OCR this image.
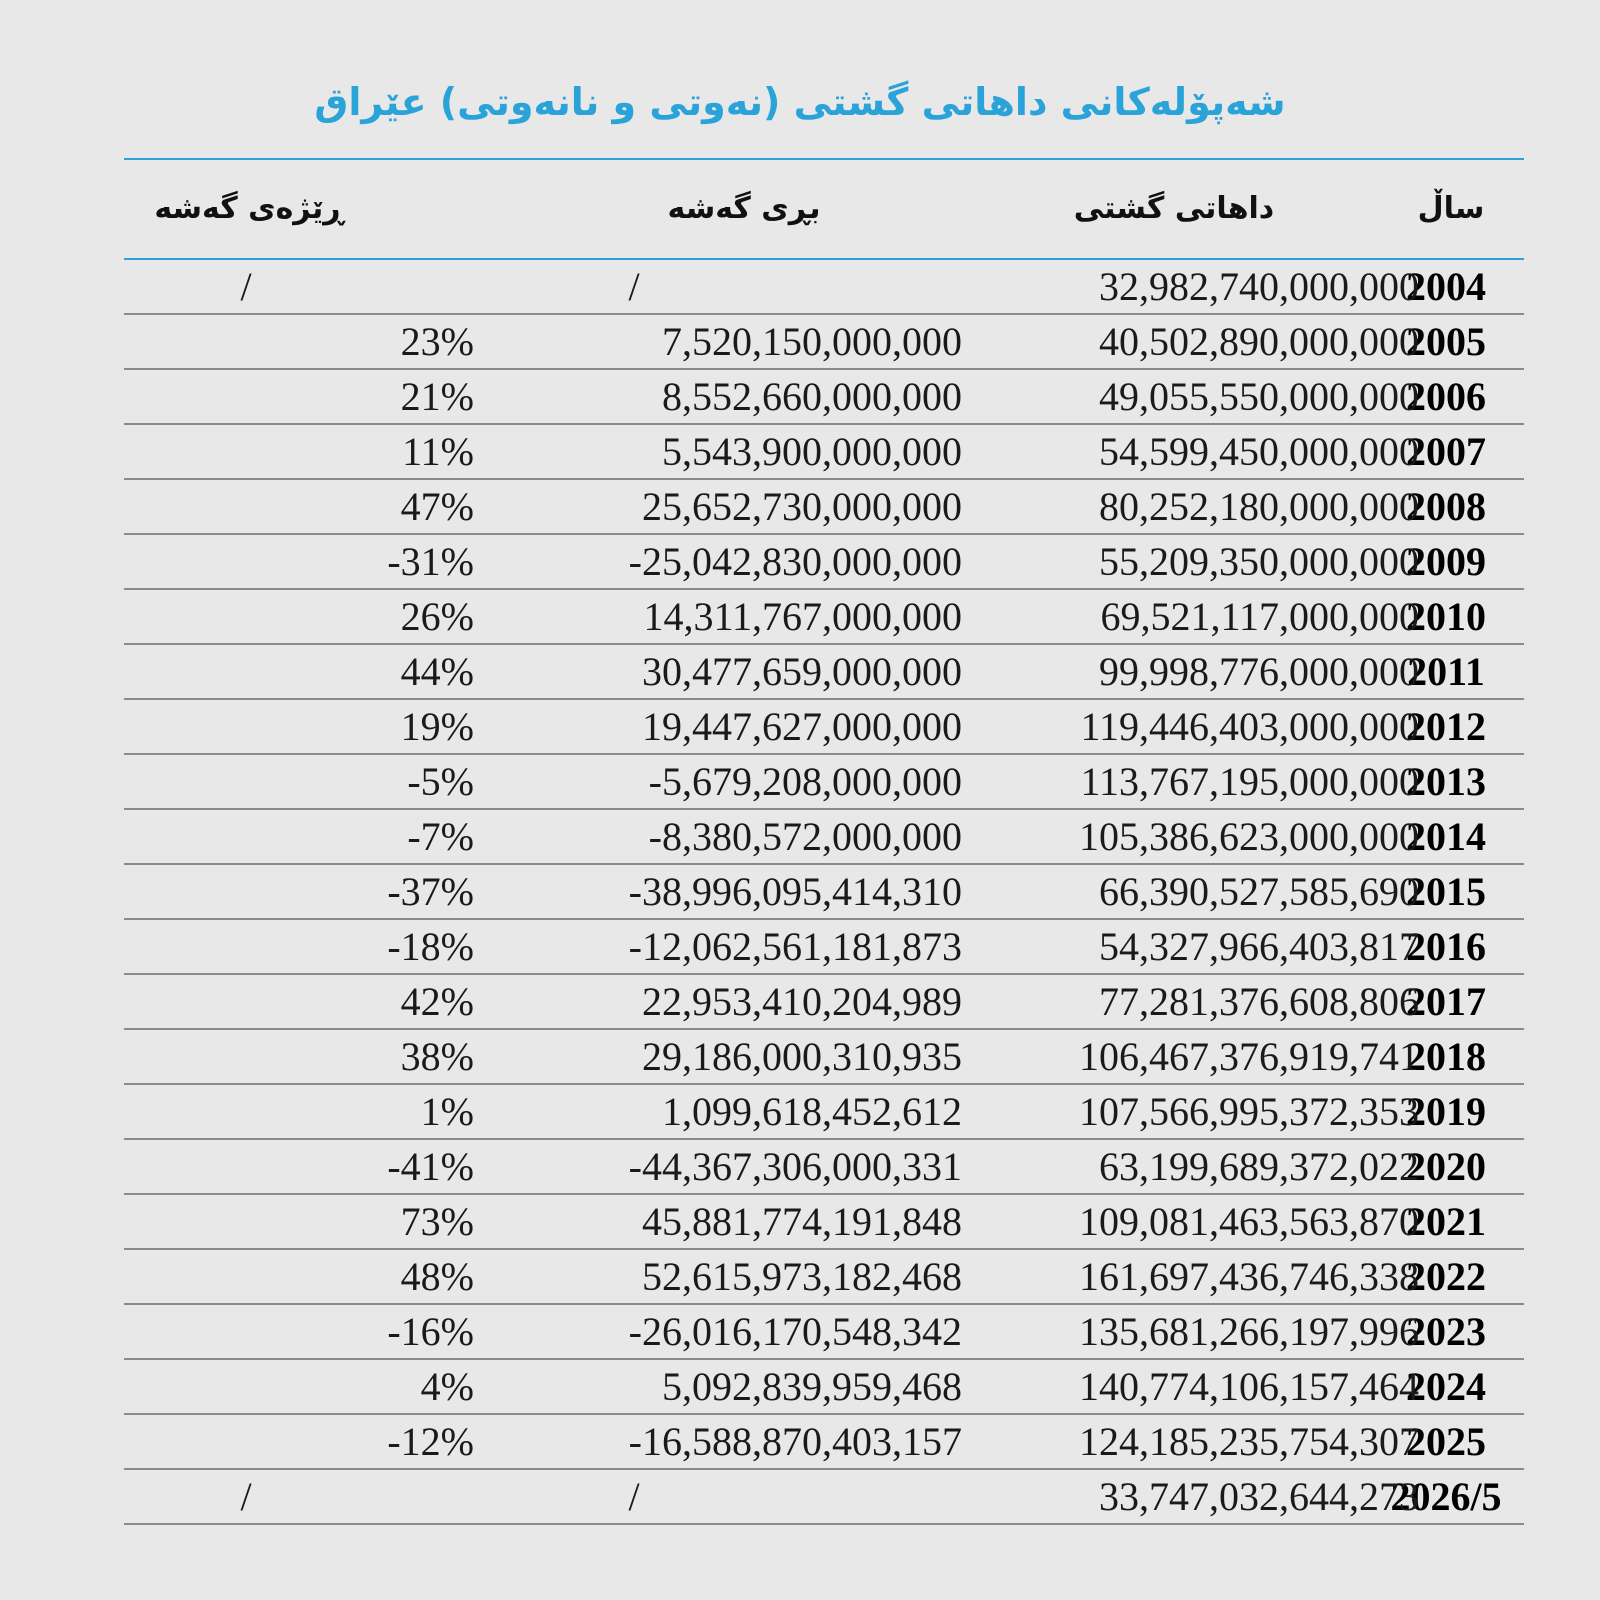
شەپۆلەکانی داهاتی گشتی (نەوتی و نانەوتی) عێراق
ساڵ
داهاتی گشتی
بڕی گەشە
ڕێژەی گەشە
2004
32,982,740,000,000
/
/
2005
40,502,890,000,000
7,520,150,000,000
23%
2006
49,055,550,000,000
8,552,660,000,000
21%
2007
54,599,450,000,000
5,543,900,000,000
11%
2008
80,252,180,000,000
25,652,730,000,000
47%
2009
55,209,350,000,000
-25,042,830,000,000
-31%
2010
69,521,117,000,000
14,311,767,000,000
26%
2011
99,998,776,000,000
30,477,659,000,000
44%
2012
119,446,403,000,000
19,447,627,000,000
19%
2013
113,767,195,000,000
-5,679,208,000,000
-5%
2014
105,386,623,000,000
-8,380,572,000,000
-7%
2015
66,390,527,585,690
-38,996,095,414,310
-37%
2016
54,327,966,403,817
-12,062,561,181,873
-18%
2017
77,281,376,608,806
22,953,410,204,989
42%
2018
106,467,376,919,741
29,186,000,310,935
38%
2019
107,566,995,372,353
1,099,618,452,612
1%
2020
63,199,689,372,022
-44,367,306,000,331
-41%
2021
109,081,463,563,870
45,881,774,191,848
73%
2022
161,697,436,746,338
52,615,973,182,468
48%
2023
135,681,266,197,996
-26,016,170,548,342
-16%
2024
140,774,106,157,464
5,092,839,959,468
4%
2025
124,185,235,754,307
-16,588,870,403,157
-12%
2026/5
33,747,032,644,273
/
/
